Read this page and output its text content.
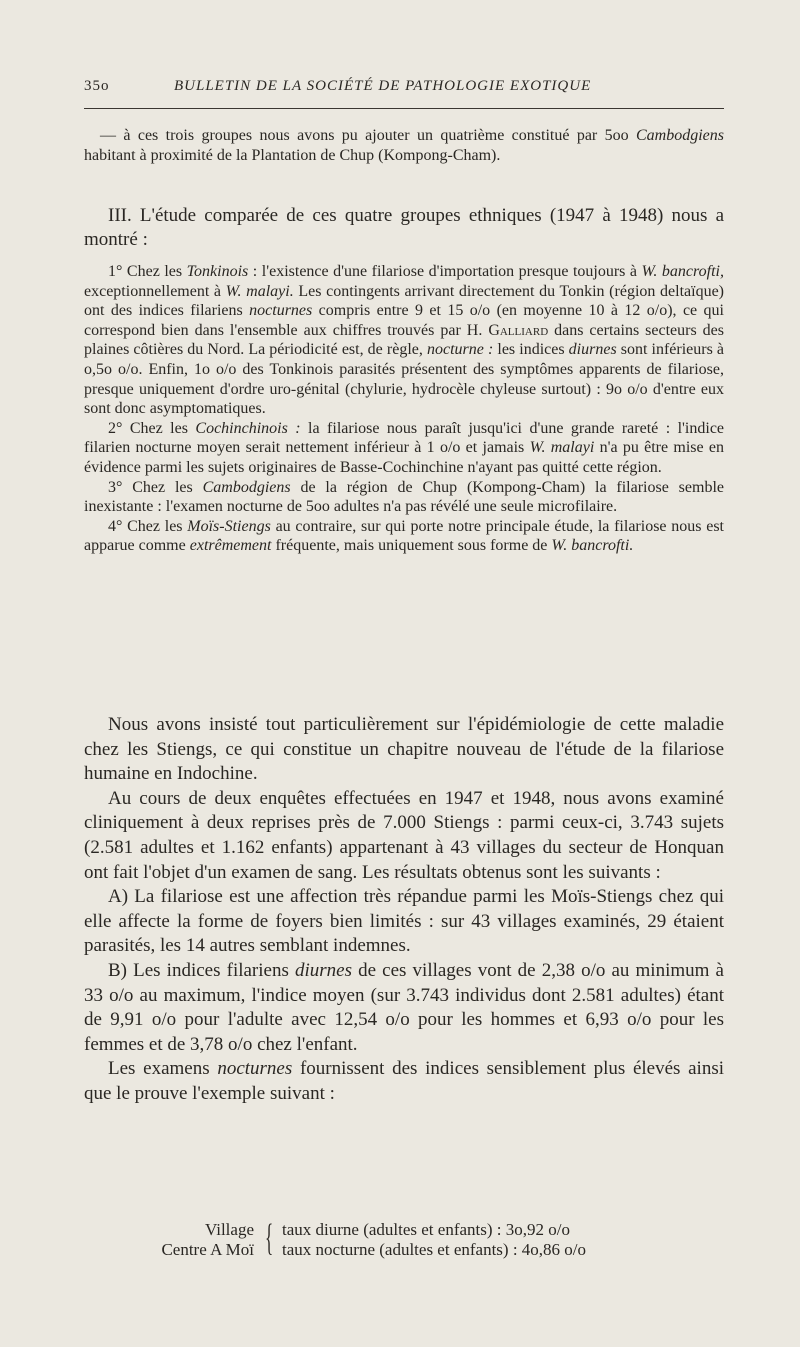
35o	BULLETIN DE LA SOCIÉTÉ DE PATHOLOGIE EXOTIQUE

— à ces trois groupes nous avons pu ajouter un quatrième constitué par 5oo Cambodgiens habitant à proximité de la Plantation de Chup (Kompong-Cham).

III. L'étude comparée de ces quatre groupes ethniques (1947 à 1948) nous a montré :

1° Chez les Tonkinois : l'existence d'une filariose d'importation presque toujours à W. bancrofti, exceptionnellement à W. malayi. Les contingents arrivant directement du Tonkin (région deltaïque) ont des indices filariens nocturnes compris entre 9 et 15 o/o (en moyenne 10 à 12 o/o), ce qui correspond bien dans l'ensemble aux chiffres trouvés par H. Galliard dans certains secteurs des plaines côtières du Nord. La périodicité est, de règle, nocturne : les indices diurnes sont inférieurs à o,5o o/o. Enfin, 1o o/o des Tonkinois parasités présentent des symptômes apparents de filariose, presque uniquement d'ordre uro-génital (chylurie, hydrocèle chyleuse surtout) : 9o o/o d'entre eux sont donc asymptomatiques.

2° Chez les Cochinchinois : la filariose nous paraît jusqu'ici d'une grande rareté : l'indice filarien nocturne moyen serait nettement inférieur à 1 o/o et jamais W. malayi n'a pu être mise en évidence parmi les sujets originaires de Basse-Cochinchine n'ayant pas quitté cette région.

3° Chez les Cambodgiens de la région de Chup (Kompong-Cham) la filariose semble inexistante : l'examen nocturne de 5oo adultes n'a pas révélé une seule microfilaire.

4° Chez les Moïs-Stiengs au contraire, sur qui porte notre principale étude, la filariose nous est apparue comme extrêmement fréquente, mais uniquement sous forme de W. bancrofti.

Nous avons insisté tout particulièrement sur l'épidémiologie de cette maladie chez les Stiengs, ce qui constitue un chapitre nouveau de l'étude de la filariose humaine en Indochine.

Au cours de deux enquêtes effectuées en 1947 et 1948, nous avons examiné cliniquement à deux reprises près de 7.000 Stiengs : parmi ceux-ci, 3.743 sujets (2.581 adultes et 1.162 enfants) appartenant à 43 villages du secteur de Honquan ont fait l'objet d'un examen de sang. Les résultats obtenus sont les suivants :

A) La filariose est une affection très répandue parmi les Moïs-Stiengs chez qui elle affecte la forme de foyers bien limités : sur 43 villages examinés, 29 étaient parasités, les 14 autres semblant indemnes.

B) Les indices filariens diurnes de ces villages vont de 2,38 o/o au minimum à 33 o/o au maximum, l'indice moyen (sur 3.743 individus dont 2.581 adultes) étant de 9,91 o/o pour l'adulte avec 12,54 o/o pour les hommes et 6,93 o/o pour les femmes et de 3,78 o/o chez l'enfant.

Les examens nocturnes fournissent des indices sensiblement plus élevés ainsi que le prouve l'exemple suivant :

Village
Centre A Moï { taux diurne (adultes et enfants) : 3o,92 o/o
taux nocturne (adultes et enfants) : 4o,86 o/o
